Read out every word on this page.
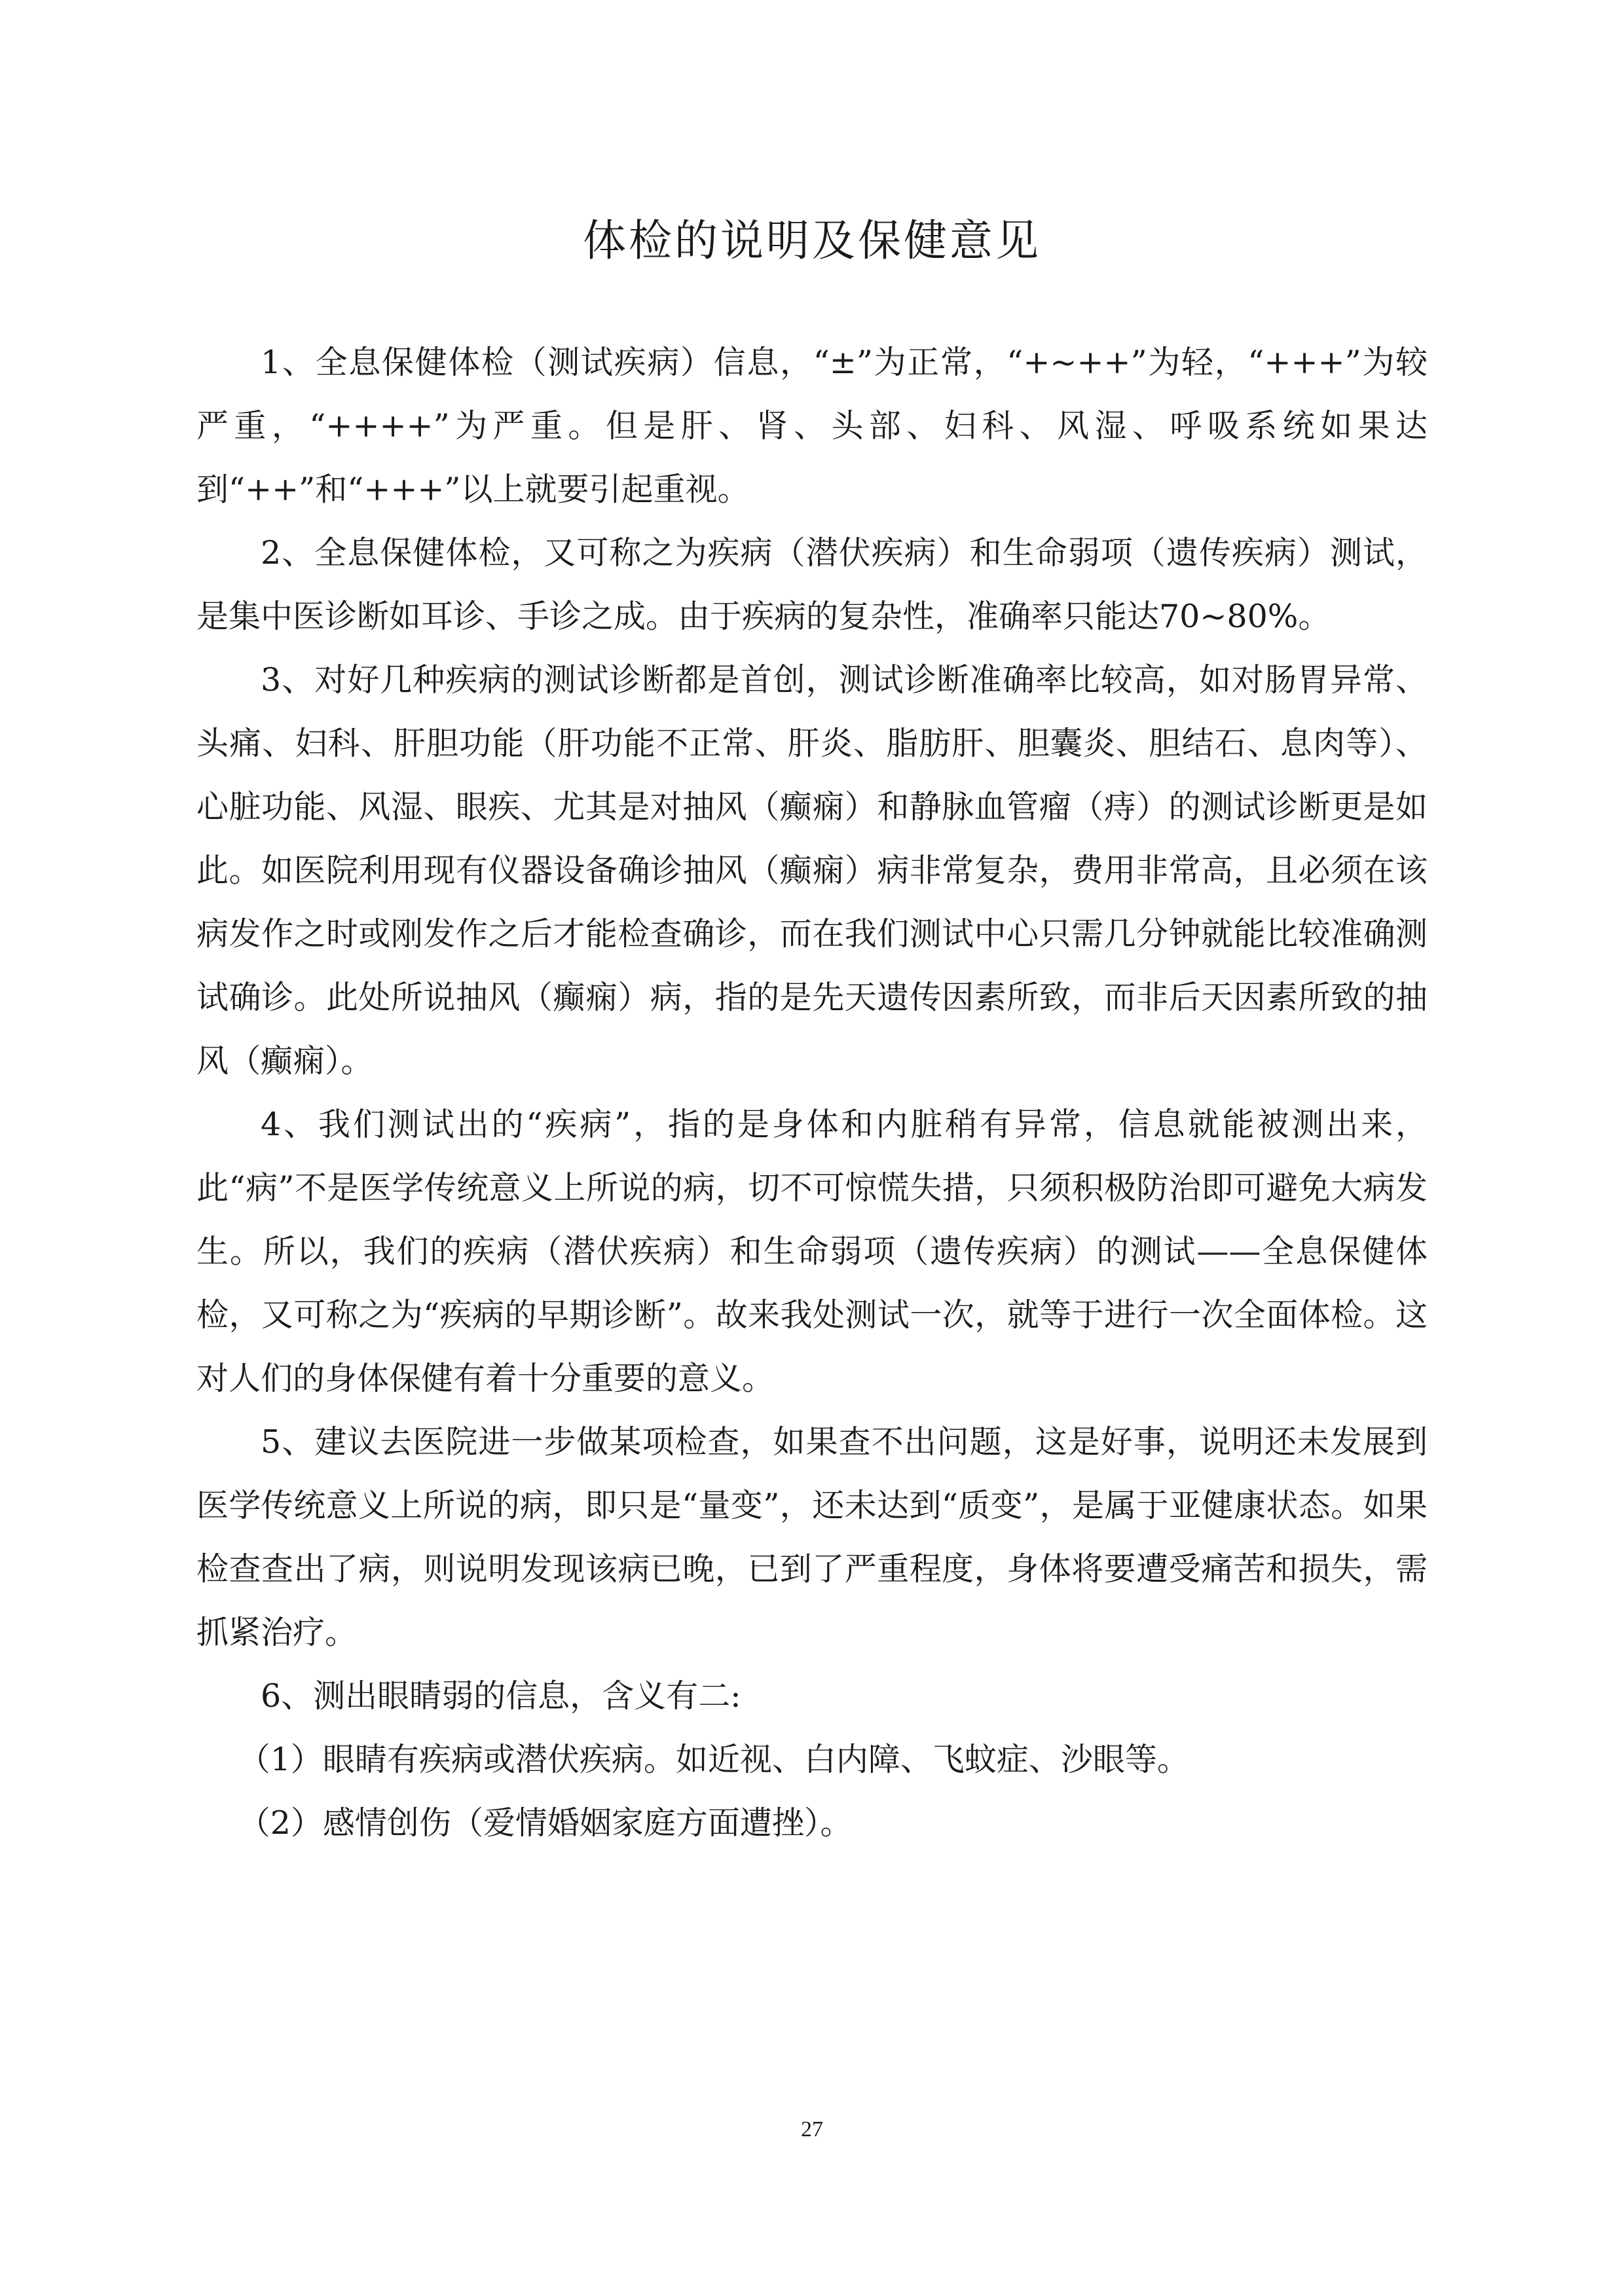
体检的说明及保健意见

1、全息保健体检（测试疾病）信息，“±”为正常，“+~++”为轻，“+++”为较严重，“++++”为严重。但是肝、肾、头部、妇科、风湿、呼吸系统如果达到“++”和“+++”以上就要引起重视。

2、全息保健体检，又可称之为疾病（潜伏疾病）和生命弱项（遗传疾病）测试，是集中医诊断如耳诊、手诊之成。由于疾病的复杂性，准确率只能达70~80%。

3、对好几种疾病的测试诊断都是首创，测试诊断准确率比较高，如对肠胃异常、头痛、妇科、肝胆功能（肝功能不正常、肝炎、脂肪肝、胆囊炎、胆结石、息肉等）、心脏功能、风湿、眼疾、尤其是对抽风（癫痫）和静脉血管瘤（痔）的测试诊断更是如此。如医院利用现有仪器设备确诊抽风（癫痫）病非常复杂，费用非常高，且必须在该病发作之时或刚发作之后才能检查确诊，而在我们测试中心只需几分钟就能比较准确测试确诊。此处所说抽风（癫痫）病，指的是先天遗传因素所致，而非后天因素所致的抽风（癫痫）。

4、我们测试出的“疾病”，指的是身体和内脏稍有异常，信息就能被测出来，此“病”不是医学传统意义上所说的病，切不可惊慌失措，只须积极防治即可避免大病发生。所以，我们的疾病（潜伏疾病）和生命弱项（遗传疾病）的测试——全息保健体检，又可称之为“疾病的早期诊断”。故来我处测试一次，就等于进行一次全面体检。这对人们的身体保健有着十分重要的意义。

5、建议去医院进一步做某项检查，如果查不出问题，这是好事，说明还未发展到医学传统意义上所说的病，即只是“量变”，还未达到“质变”，是属于亚健康状态。如果检查查出了病，则说明发现该病已晚，已到了严重程度，身体将要遭受痛苦和损失，需抓紧治疗。

6、测出眼睛弱的信息，含义有二:

（1）眼睛有疾病或潜伏疾病。如近视、白内障、飞蚊症、沙眼等。

（2）感情创伤（爱情婚姻家庭方面遭挫）。

27
